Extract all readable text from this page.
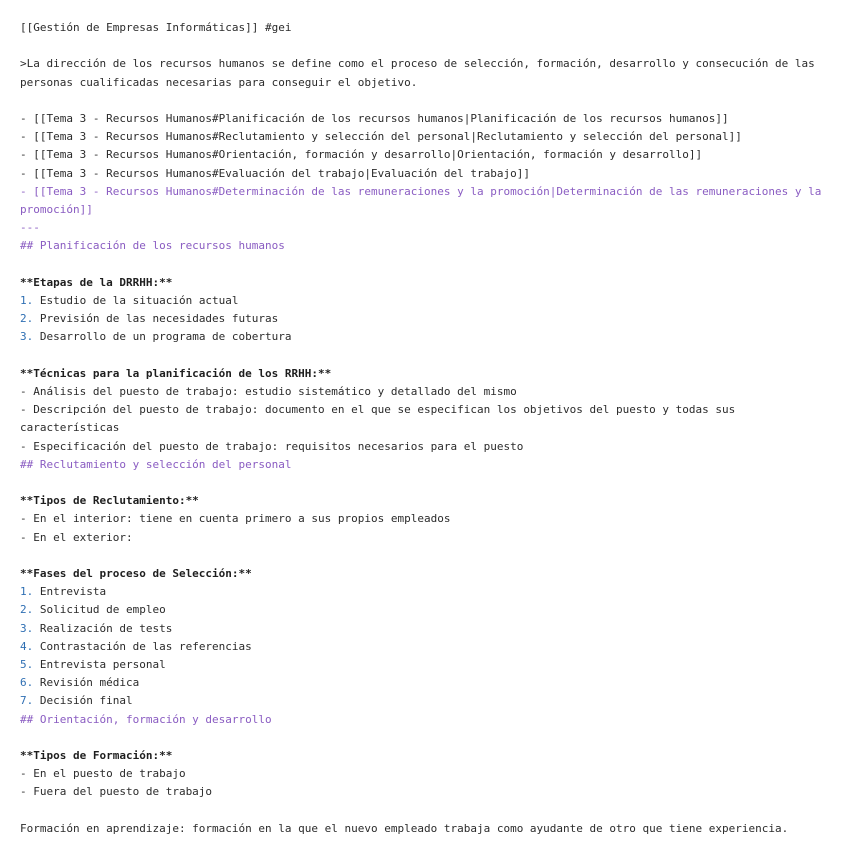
[[Gestión de Empresas Informáticas]] #gei
>La dirección de los recursos humanos se define como el proceso de selección, formación, desarrollo y consecución de las personas cualificadas necesarias para conseguir el objetivo.
- [[Tema 3 - Recursos Humanos#Planificación de los recursos humanos|Planificación de los recursos humanos]]
- [[Tema 3 - Recursos Humanos#Reclutamiento y selección del personal|Reclutamiento y selección del personal]]
- [[Tema 3 - Recursos Humanos#Orientación, formación y desarrollo|Orientación, formación y desarrollo]]
- [[Tema 3 - Recursos Humanos#Evaluación del trabajo|Evaluación del trabajo]]
- [[Tema 3 - Recursos Humanos#Determinación de las remuneraciones y la promoción|Determinación de las remuneraciones y la promoción]]
---
## Planificación de los recursos humanos
**Etapas de la DRRHH:**
1. Estudio de la situación actual
2. Previsión de las necesidades futuras
3. Desarrollo de un programa de cobertura
**Técnicas para la planificación de los RRHH:**
- Análisis del puesto de trabajo: estudio sistemático y detallado del mismo
- Descripción del puesto de trabajo: documento en el que se especifican los objetivos del puesto y todas sus características
- Especificación del puesto de trabajo: requisitos necesarios para el puesto
## Reclutamiento y selección del personal
**Tipos de Reclutamiento:**
- En el interior: tiene en cuenta primero a sus propios empleados
- En el exterior:
**Fases del proceso de Selección:**
1. Entrevista
2. Solicitud de empleo
3. Realización de tests
4. Contrastación de las referencias
5. Entrevista personal
6. Revisión médica
7. Decisión final
## Orientación, formación y desarrollo
**Tipos de Formación:**
- En el puesto de trabajo
- Fuera del puesto de trabajo
Formación en aprendizaje: formación en la que el nuevo empleado trabaja como ayudante de otro que tiene experiencia.
